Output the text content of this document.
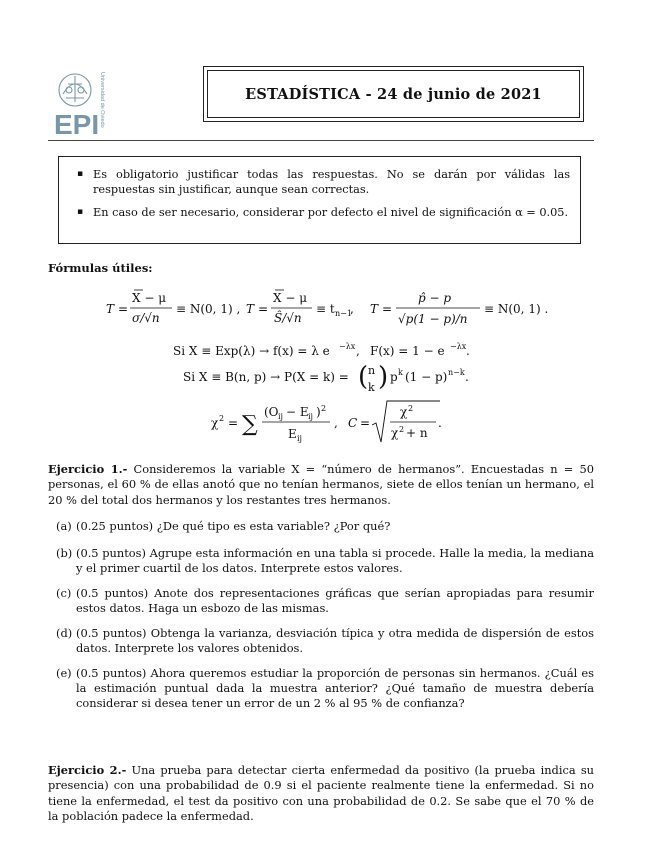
EPI Universidad de Oviedo	ESTADÍSTICA - 24 de junio de 2021
▪ Es obligatorio justificar todas las respuestas. No se darán por válidas las respuestas sin justificar, aunque sean correctas.
▪ En caso de ser necesario, considerar por defecto el nivel de significación α = 0.05.
Fórmulas útiles:
T =
X − μ
σ/√n
≡ N(0, 1) , T =
X − μ
Ŝ/√n
≡ t n−1
, T =
p̂ − p
√p(1 − p)/n
≡ N(0, 1) .
Si X ≡ Exp(λ) → f(x) = λ e −λx , F(x) = 1 − e −λx .
Si X ≡ B(n, p) → P(X = k) = ( n
k ) p k (1 − p) n−k .
χ 2 = ∑ (O ij − E ij ) 2
E ij
, C =
χ 2
χ 2 + n
.
Ejercicio 1.- Consideremos la variable X = “número de hermanos”. Encuestadas n = 50 personas, el 60 % de ellas anotó que no tenían hermanos, siete de ellos tenían un hermano, el 20 % del total dos hermanos y los restantes tres hermanos.
(a) (0.25 puntos) ¿De qué tipo es esta variable? ¿Por qué?
(b) (0.5 puntos) Agrupe esta información en una tabla si procede. Halle la media, la mediana y el primer cuartil de los datos. Interprete estos valores.
(c) (0.5 puntos) Anote dos representaciones gráficas que serían apropiadas para resumir estos datos. Haga un esbozo de las mismas.
(d) (0.5 puntos) Obtenga la varianza, desviación típica y otra medida de dispersión de estos datos. Interprete los valores obtenidos.
(e) (0.5 puntos) Ahora queremos estudiar la proporción de personas sin hermanos. ¿Cuál es la estimación puntual dada la muestra anterior? ¿Qué tamaño de muestra debería considerar si desea tener un error de un 2 % al 95 % de confianza?
Ejercicio 2.- Una prueba para detectar cierta enfermedad da positivo (la prueba indica su presencia) con una probabilidad de 0.9 si el paciente realmente tiene la enfermedad. Si no tiene la enfermedad, el test da positivo con una probabilidad de 0.2. Se sabe que el 70 % de la población padece la enfermedad.
